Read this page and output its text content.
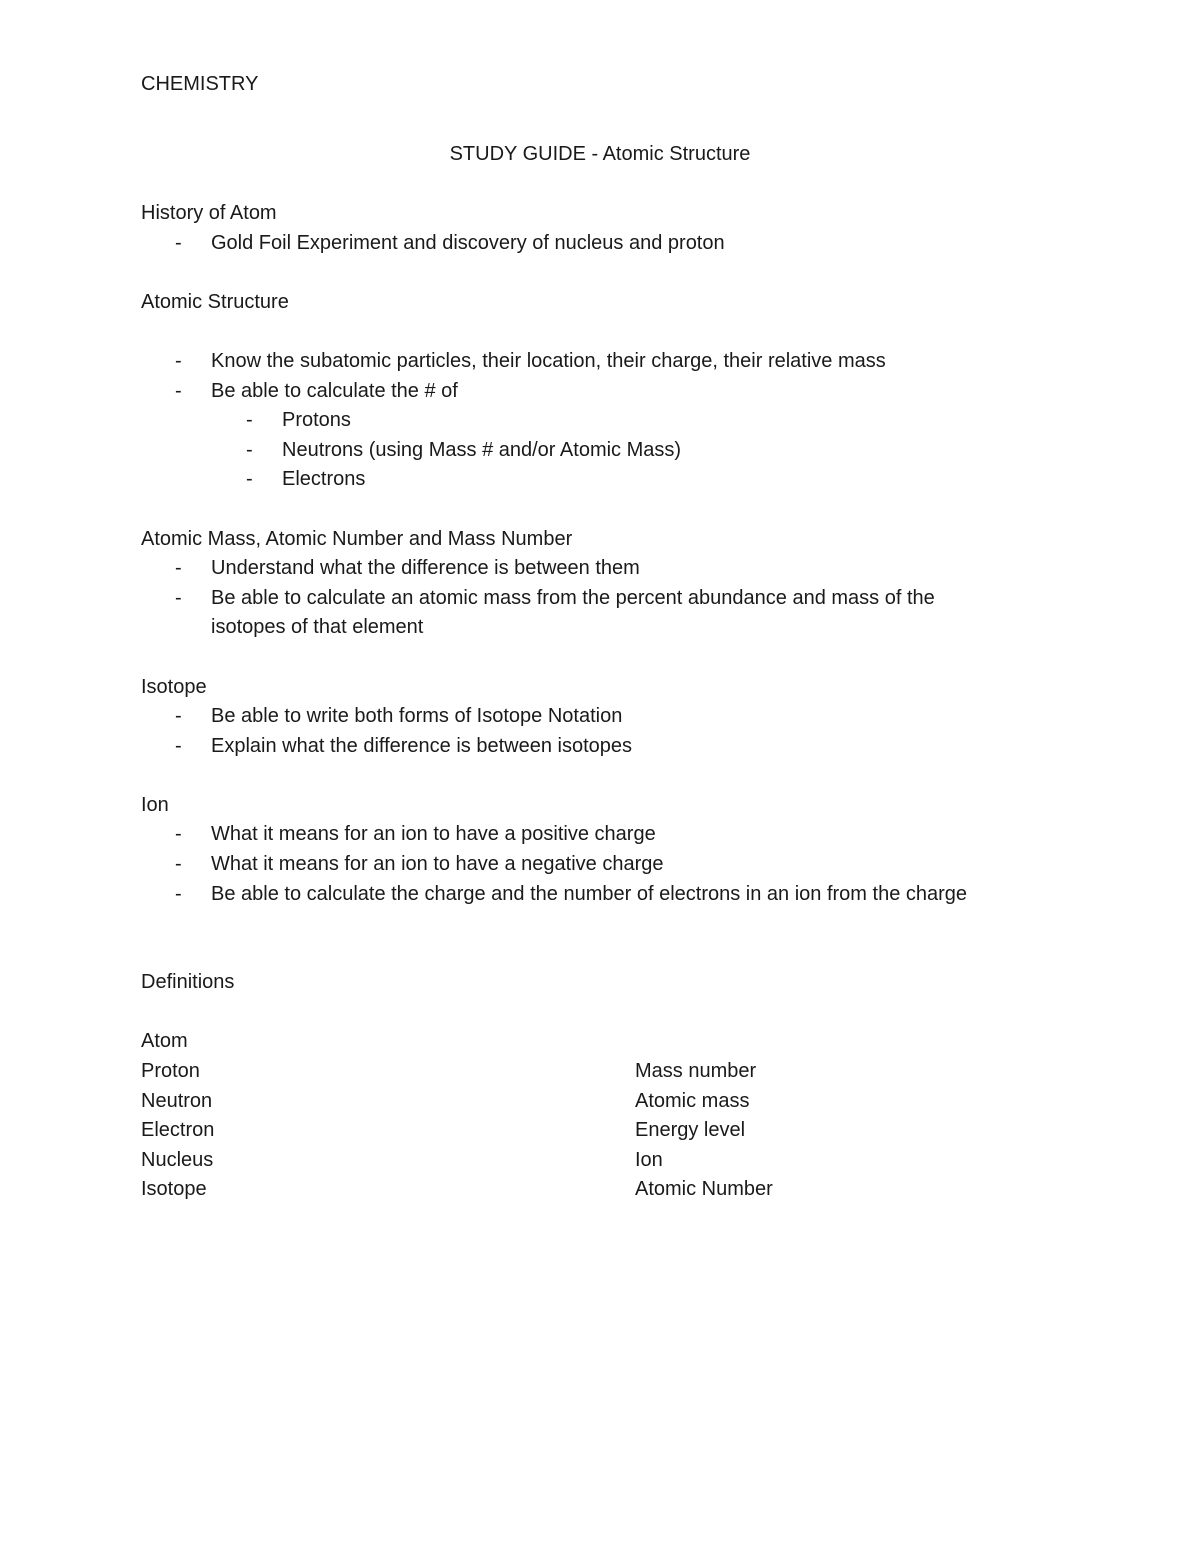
CHEMISTRY
STUDY GUIDE - Atomic Structure
History of Atom
- Gold Foil Experiment and discovery of nucleus and proton
Atomic Structure
- Know the subatomic particles, their location, their charge, their relative mass
- Be able to calculate the # of
- Protons
- Neutrons (using Mass # and/or Atomic Mass)
- Electrons
Atomic Mass, Atomic Number and Mass Number
- Understand what the difference is between them
- Be able to calculate an atomic mass from the percent abundance and mass of the isotopes of that element
Isotope
- Be able to write both forms of Isotope Notation
- Explain what the difference is between isotopes
Ion
- What it means for an ion to have a positive charge
- What it means for an ion to have a negative charge
- Be able to calculate the charge and the number of electrons in an ion from the charge
Definitions
Atom
Proton
Neutron
Electron
Nucleus
Isotope
Mass number
Atomic mass
Energy level
Ion
Atomic Number
